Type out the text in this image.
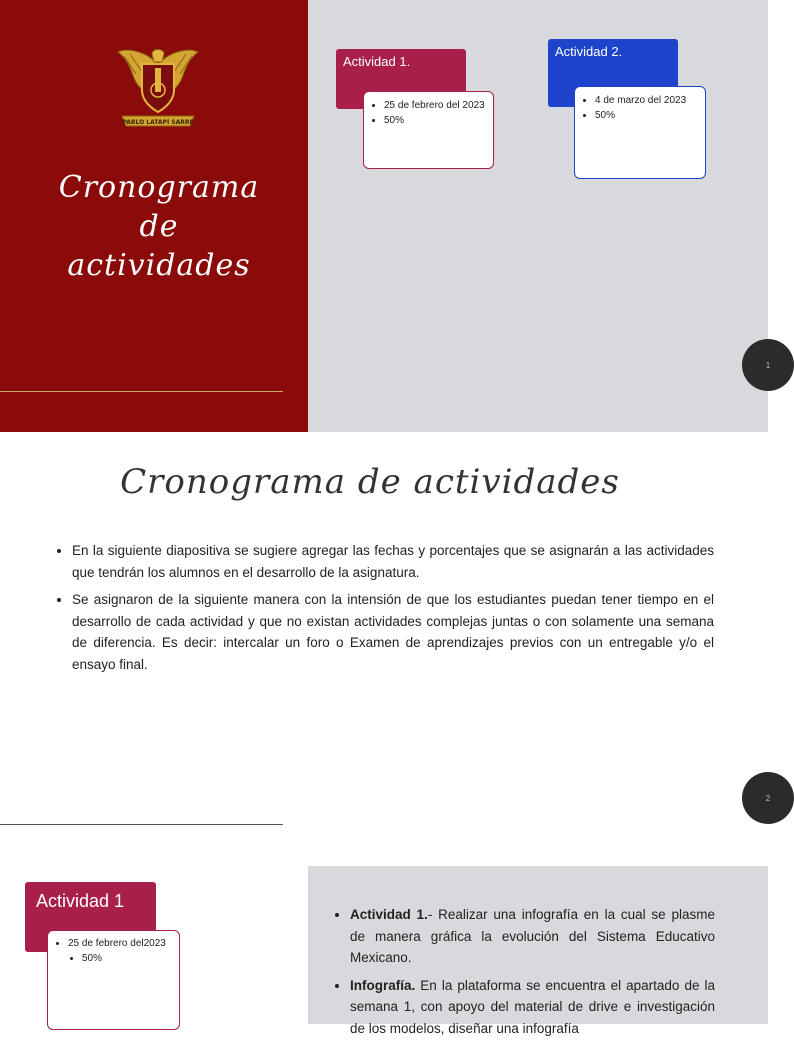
PABLO LATAPÍ SARRE
Cronograma
de
actividades
Actividad 1.
• 25 de febrero del 2023
• 50%
Actividad 2.
• 4 de marzo del 2023
• 50%
1
Cronograma de actividades
• En la siguiente diapositiva se sugiere agregar las fechas y porcentajes que se asignarán a las actividades que tendrán los alumnos en el desarrollo de la asignatura.
• Se asignaron de la siguiente manera con la intensión de que los estudiantes puedan tener tiempo en el desarrollo de cada actividad y que no existan actividades complejas juntas o con solamente una semana de diferencia. Es decir: intercalar un foro o Examen de aprendizajes previos con un entregable y/o el ensayo final.
2
Actividad 1
• 25 de febrero del2023
• 50%
• Actividad 1.- Realizar una infografía en la cual se plasme de manera gráfica la evolución del Sistema Educativo Mexicano.
• Infografía. En la plataforma se encuentra el apartado de la semana 1, con apoyo del material de drive e investigación de los modelos, diseñar una infografía
